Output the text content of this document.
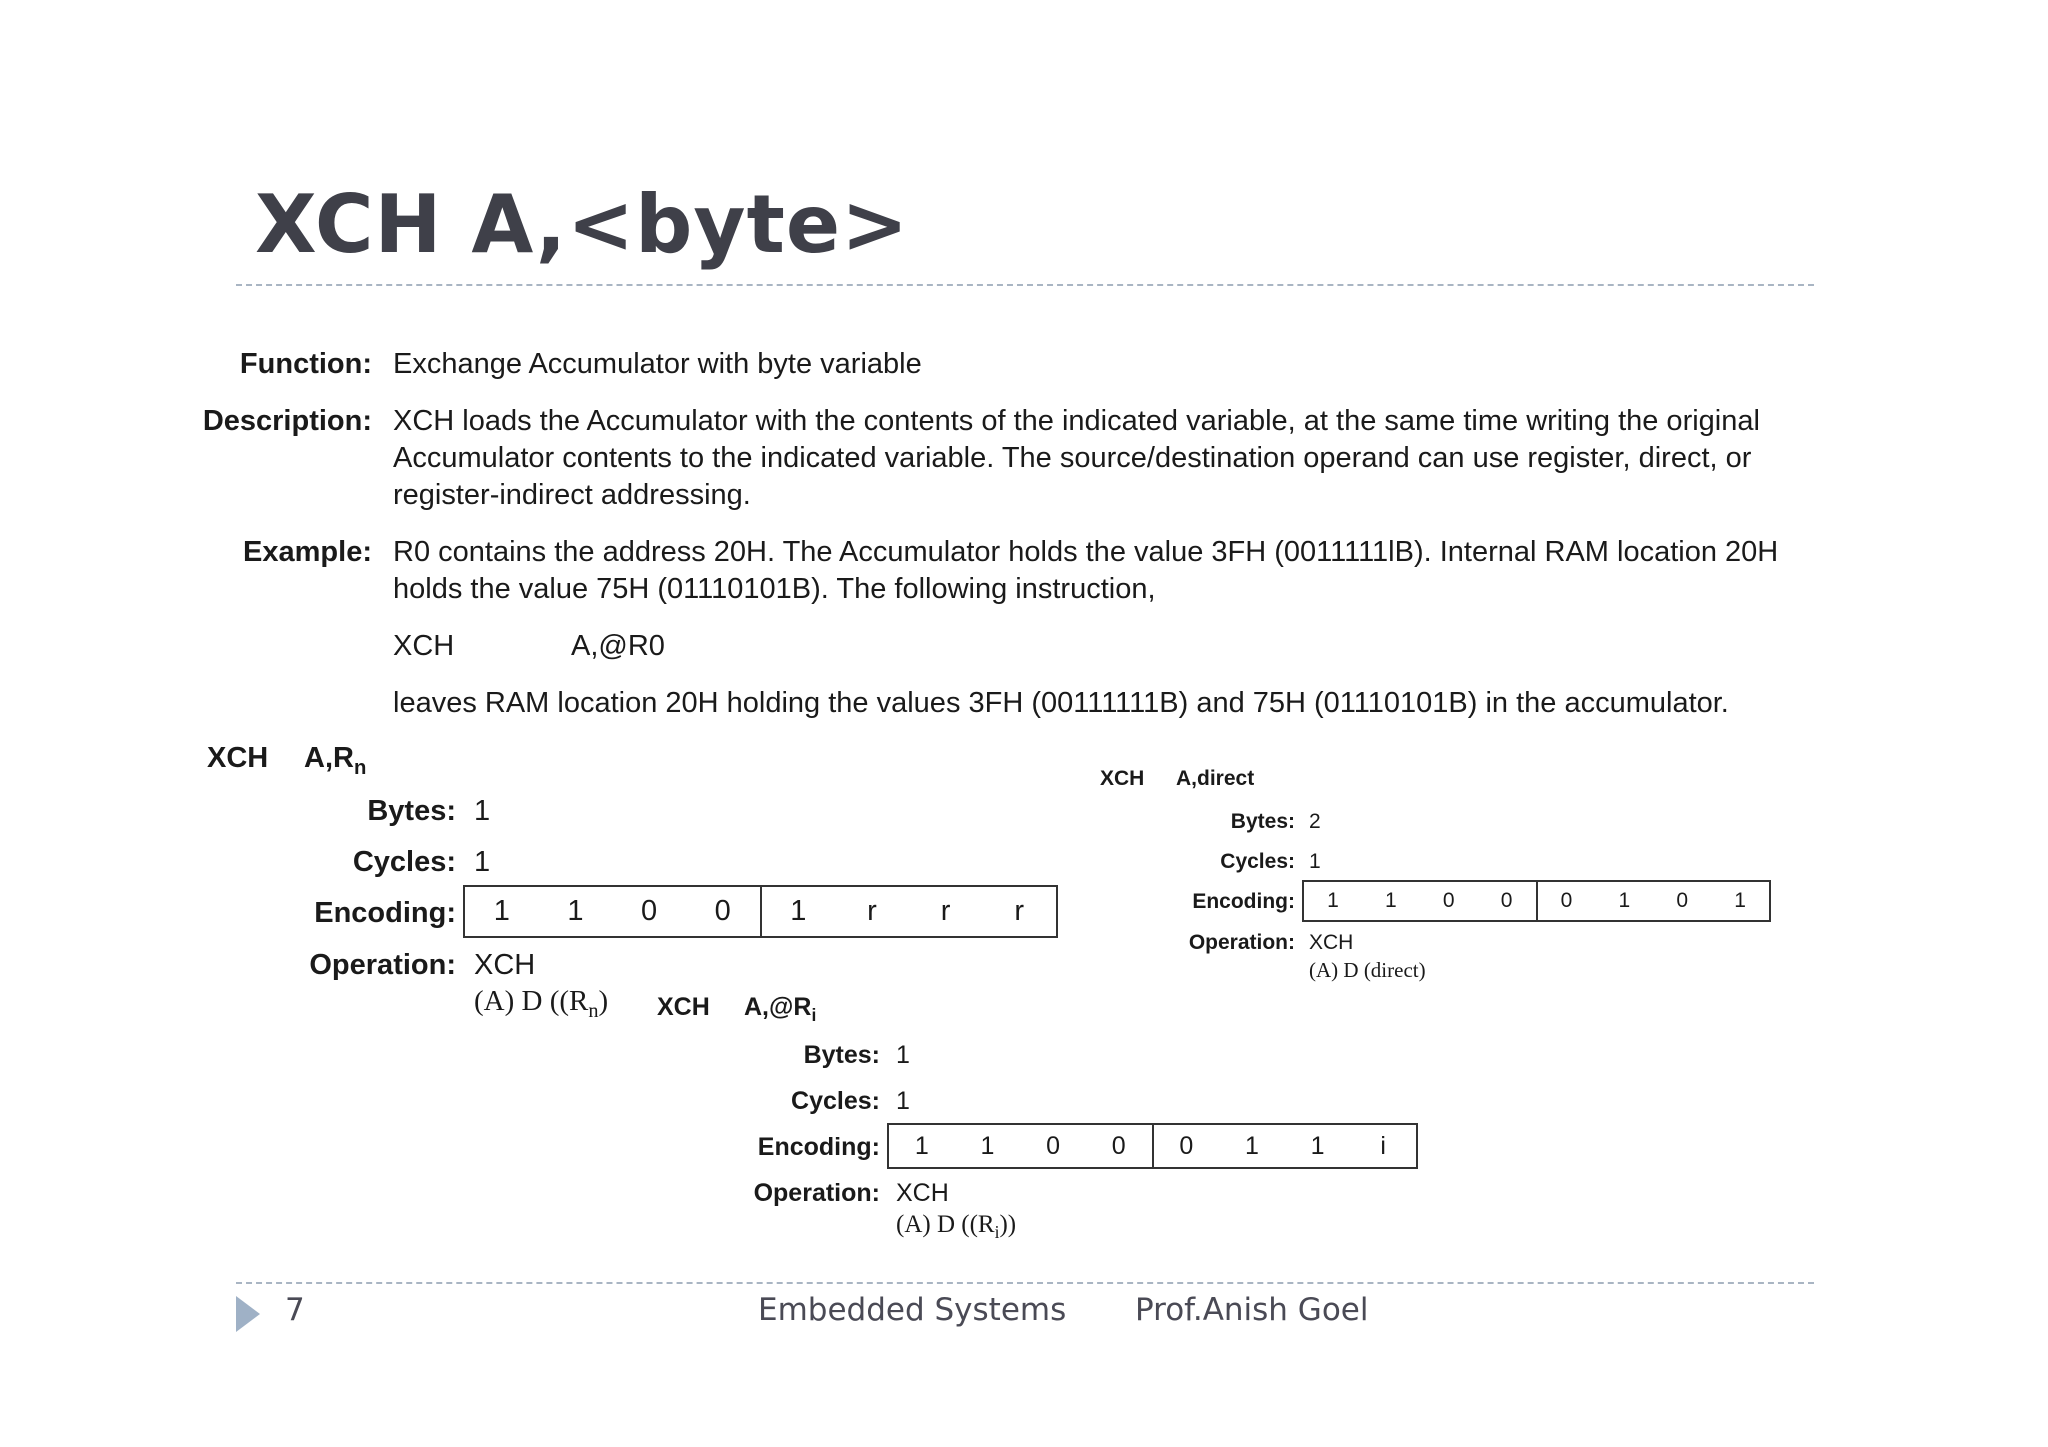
XCH A,<byte>
Function: Exchange Accumulator with byte variable
Description: XCH loads the Accumulator with the contents of the indicated variable, at the same time writing the original
Accumulator contents to the indicated variable. The source/destination operand can use register, direct, or
register-indirect addressing.
Example: R0 contains the address 20H. The Accumulator holds the value 3FH (0011111lB). Internal RAM location 20H
holds the value 75H (01110101B). The following instruction,
XCH	A,@R0
leaves RAM location 20H holding the values 3FH (00111111B) and 75H (01110101B) in the accumulator.
XCH $A,R_n$
Bytes: 1
Cycles: 1
Encoding:	1	1	0	0	1	r	r	r
Operation: XCH
(A) D ($(R_n)$
XCH A,direct
Bytes: 2
Cycles: 1
Encoding:	1	1	0	0	0	1	0	1
Operation: XCH
(A) D (direct)
XCH $A,@R_i$
Bytes: 1
Cycles: 1
Encoding:	1	1	0	0	0	1	1	i
Operation: XCH
(A) D $((R_i))$
7	Embedded Systems Prof.Anish Goel
